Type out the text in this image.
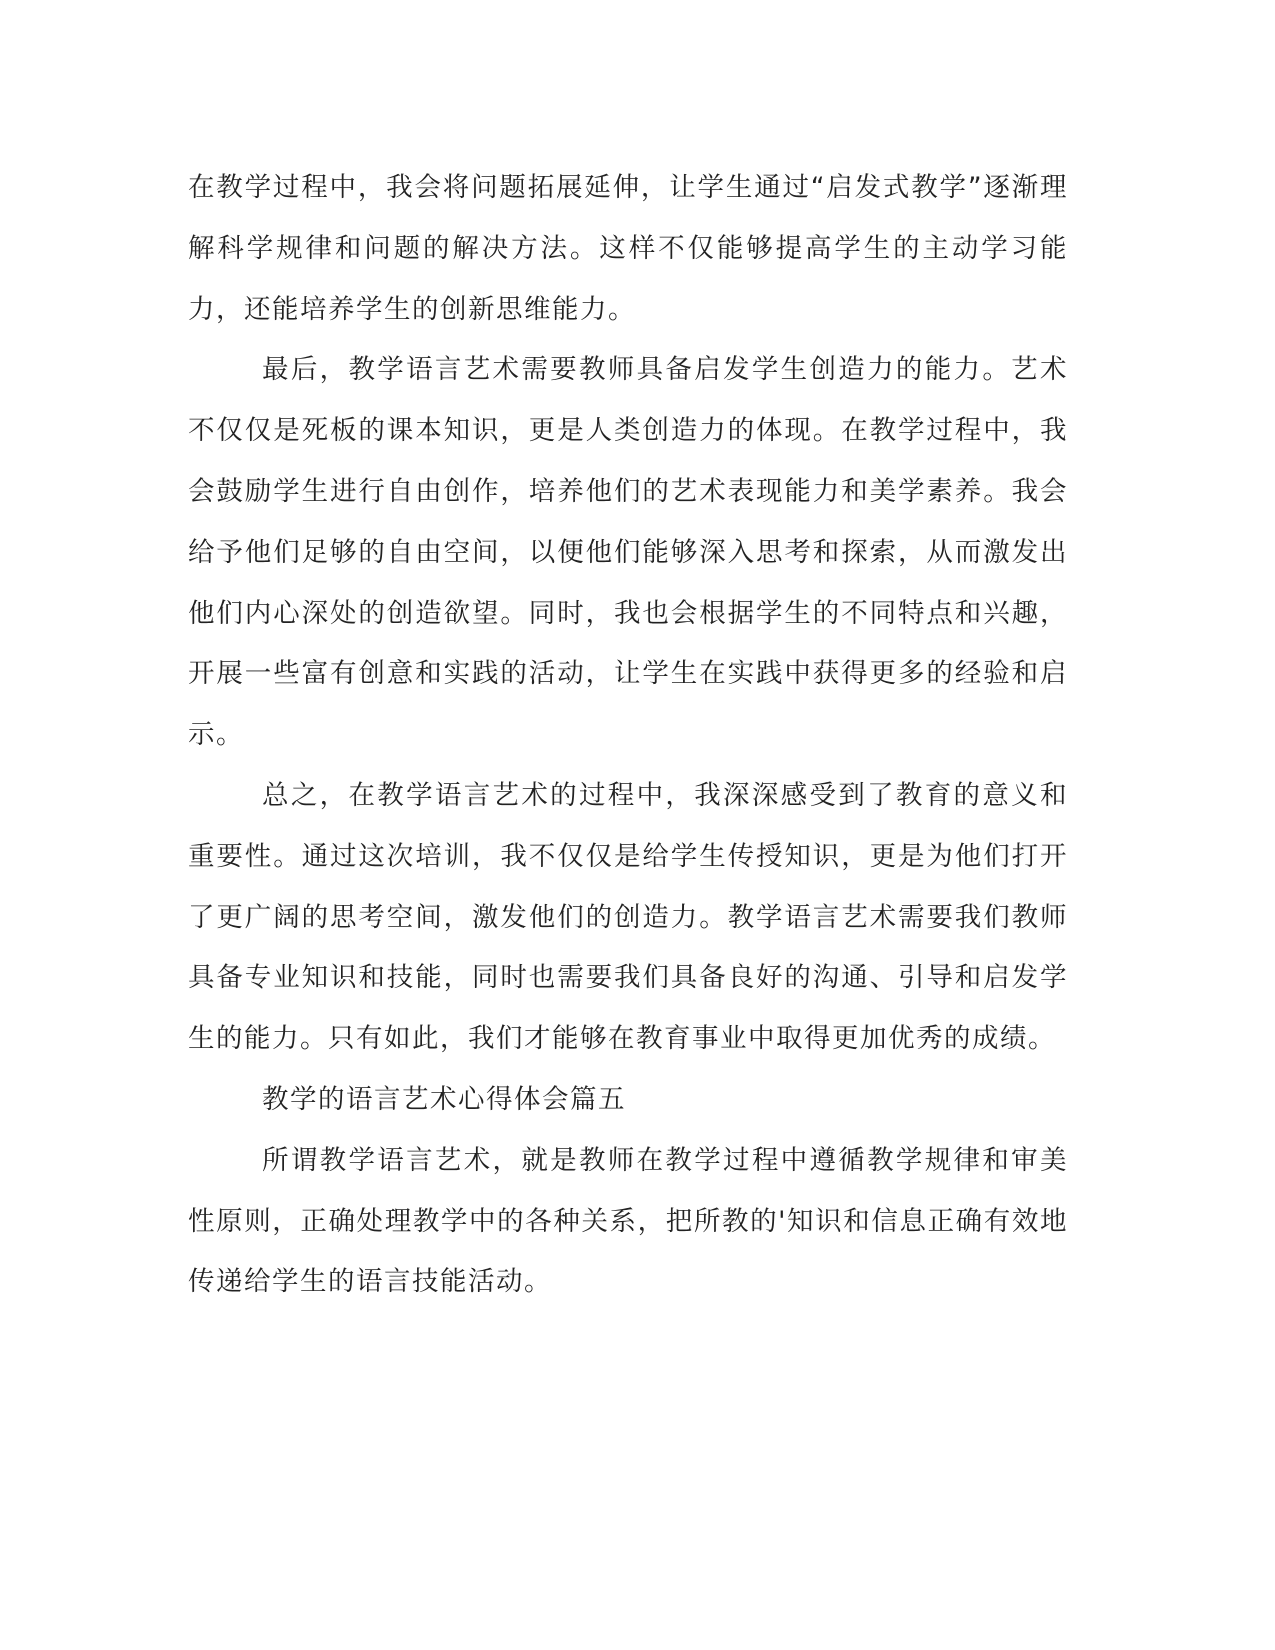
在教学过程中，我会将问题拓展延伸，让学生通过“启发式教学”逐渐理解科学规律和问题的解决方法。这样不仅能够提高学生的主动学习能力，还能培养学生的创新思维能力。

最后，教学语言艺术需要教师具备启发学生创造力的能力。艺术不仅仅是死板的课本知识，更是人类创造力的体现。在教学过程中，我会鼓励学生进行自由创作，培养他们的艺术表现能力和美学素养。我会给予他们足够的自由空间，以便他们能够深入思考和探索，从而激发出他们内心深处的创造欲望。同时，我也会根据学生的不同特点和兴趣，开展一些富有创意和实践的活动，让学生在实践中获得更多的经验和启示。

总之，在教学语言艺术的过程中，我深深感受到了教育的意义和重要性。通过这次培训，我不仅仅是给学生传授知识，更是为他们打开了更广阔的思考空间，激发他们的创造力。教学语言艺术需要我们教师具备专业知识和技能，同时也需要我们具备良好的沟通、引导和启发学生的能力。只有如此，我们才能够在教育事业中取得更加优秀的成绩。

教学的语言艺术心得体会篇五

所谓教学语言艺术，就是教师在教学过程中遵循教学规律和审美性原则，正确处理教学中的各种关系，把所教的'知识和信息正确有效地传递给学生的语言技能活动。
